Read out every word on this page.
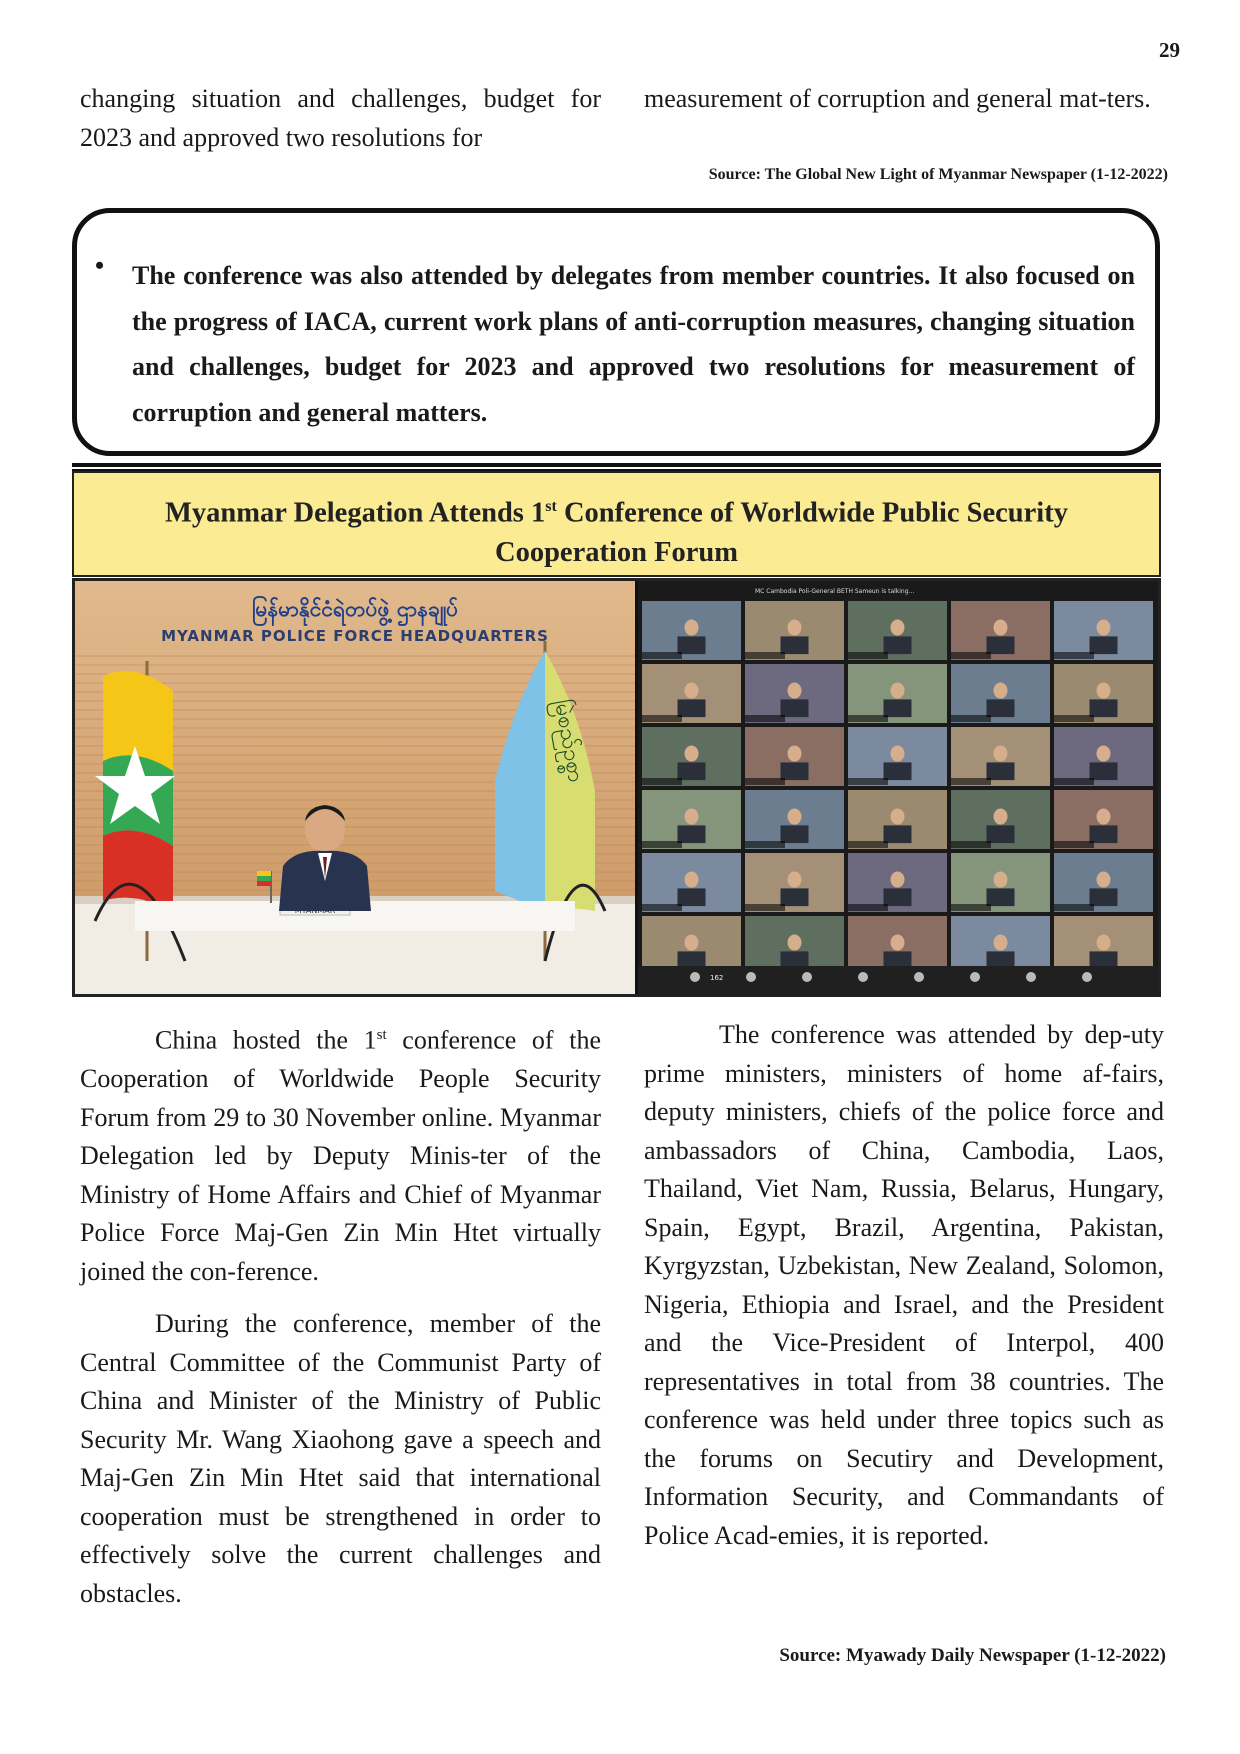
29

changing situation and challenges, budget for 2023 and approved two resolutions for

measurement of corruption and general mat-ters.

Source: The Global New Light of Myanmar Newspaper (1-12-2022)
• The conference was also attended by delegates from member countries. It also focused on the progress of IACA, current work plans of anti-corruption measures, changing situation and challenges, budget for 2023 and approved two resolutions for measurement of corruption and general matters.
Myanmar Delegation Attends 1st Conference of Worldwide Public Security
Cooperation Forum
မြန်မာနိုင်ငံရဲတပ်ဖွဲ့ ဌာနချုပ်
MYANMAR POLICE FORCE HEADQUARTERS
မြဲစည်ဥစ္စာ
MC Cambodia Poli-General BETH Sameun is talking...
162

China hosted the 1st conference of the Cooperation of Worldwide People Security Forum from 29 to 30 November online. Myanmar Delegation led by Deputy Minis-ter of the Ministry of Home Affairs and Chief of Myanmar Police Force Maj-Gen Zin Min Htet virtually joined the con-ference.

During the conference, member of the Central Committee of the Communist Party of China and Minister of the Ministry of Public Security Mr. Wang Xiaohong gave a speech and Maj-Gen Zin Min Htet said that international cooperation must be strengthened in order to effectively solve the current challenges and obstacles.

The conference was attended by dep-uty prime ministers, ministers of home af-fairs, deputy ministers, chiefs of the police force and ambassadors of China, Cambodia, Laos, Thailand, Viet Nam, Russia, Belarus, Hungary, Spain, Egypt, Brazil, Argentina, Pakistan, Kyrgyzstan, Uzbekistan, New Zealand, Solomon, Nigeria, Ethiopia and Israel, and the President and the Vice-President of Interpol, 400 representatives in total from 38 countries. The conference was held under three topics such as the forums on Secutiry and Development, Information Security, and Commandants of Police Acad-emies, it is reported.

Source: Myawady Daily Newspaper (1-12-2022)
